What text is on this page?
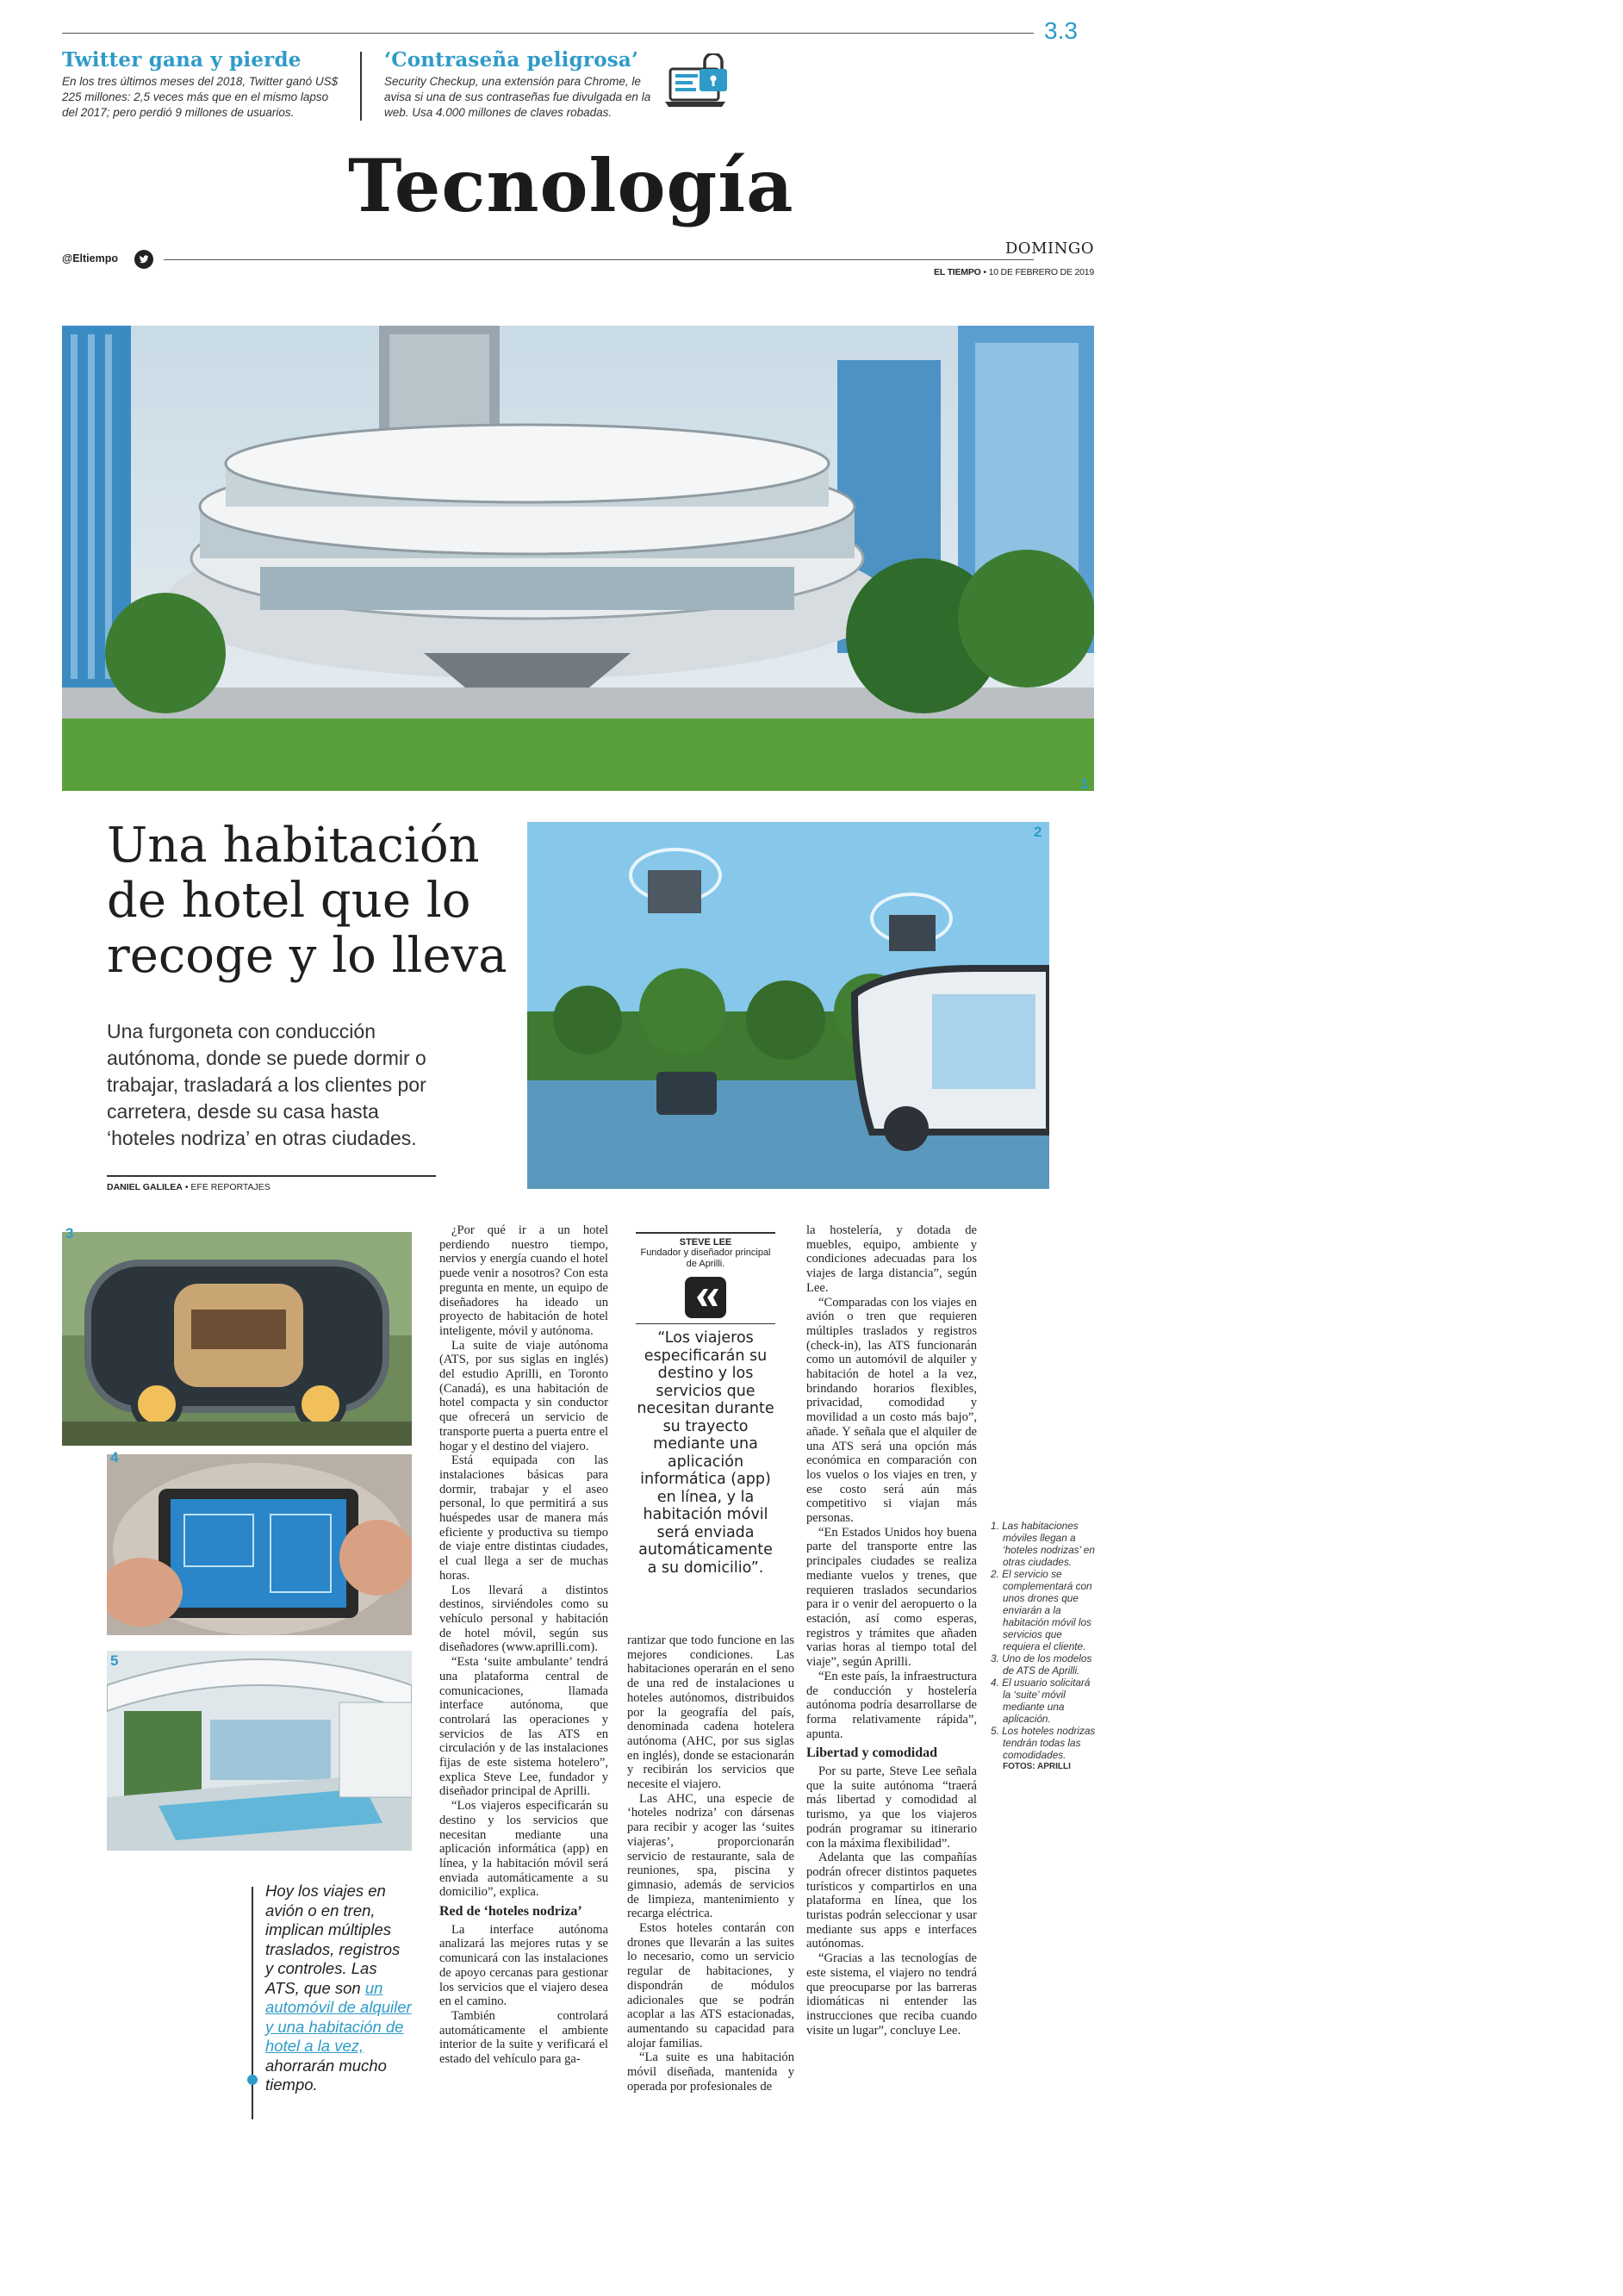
3.3
Twitter gana y pierde
En los tres últimos meses del 2018, Twitter ganó US$ 225 millones: 2,5 veces más que en el mismo lapso del 2017; pero perdió 9 millones de usuarios.
‘Contraseña peligrosa’
Security Checkup, una extensión para Chrome, le avisa si una de sus contraseñas fue divulgada en la web. Usa 4.000 millones de claves robadas.
Tecnología
@Eltiempo
DOMINGO
EL TIEMPO • 10 DE FEBRERO DE 2019
1
Una habitación de hotel que lo recoge y lo lleva
Una furgoneta con conducción autónoma, donde se puede dormir o trabajar, trasladará a los clientes por carretera, desde su casa hasta ‘hoteles nodriza’ en otras ciudades.
DANIEL GALILEA • EFE REPORTAJES
2
3
4
5
Hoy los viajes en avión o en tren, implican múltiples traslados, registros y controles. Las ATS, que son un automóvil de alquiler y una habitación de hotel a la vez, ahorrarán mucho tiempo.

¿Por qué ir a un hotel perdiendo nuestro tiempo, nervios y energía cuando el hotel puede venir a nosotros? Con esta pregunta en mente, un equipo de diseñadores ha ideado un proyecto de habitación de hotel inteligente, móvil y autónoma.

La suite de viaje autónoma (ATS, por sus siglas en inglés) del estudio Aprilli, en Toronto (Canadá), es una habitación de hotel compacta y sin conductor que ofrecerá un servicio de transporte puerta a puerta entre el hogar y el destino del viajero.

Está equipada con las instalaciones básicas para dormir, trabajar y el aseo personal, lo que permitirá a sus huéspedes usar de manera más eficiente y productiva su tiempo de viaje entre distintas ciudades, el cual llega a ser de muchas horas.

Los llevará a distintos destinos, sirviéndoles como su vehículo personal y habitación de hotel móvil, según sus diseñadores (www.aprilli.com).

“Esta ‘suite ambulante’ tendrá una plataforma central de comunicaciones, llamada interface autónoma, que controlará las operaciones y servicios de las ATS en circulación y de las instalaciones fijas de este sistema hotelero”, explica Steve Lee, fundador y diseñador principal de Aprilli.

“Los viajeros especificarán su destino y los servicios que necesitan mediante una aplicación informática (app) en línea, y la habitación móvil será enviada automáticamente a su domicilio”, explica.

Red de ‘hoteles nodriza’

La interface autónoma analizará las mejores rutas y se comunicará con las instalaciones de apoyo cercanas para gestionar los servicios que el viajero desea en el camino.

También controlará automáticamente el ambiente interior de la suite y verificará el estado del vehículo para ga-

STEVE LEE
Fundador y diseñador principal de Aprilli.
“Los viajeros especificarán su destino y los servicios que necesitan durante su trayecto mediante una aplicación informática (app) en línea, y la habitación móvil será enviada automáticamente a su domicilio”.

rantizar que todo funcione en las mejores condiciones. Las habitaciones operarán en el seno de una red de instalaciones u hoteles autónomos, distribuidos por la geografía del país, denominada cadena hotelera autónoma (AHC, por sus siglas en inglés), donde se estacionarán y recibirán los servicios que necesite el viajero.

Las AHC, una especie de ‘hoteles nodriza’ con dársenas para recibir y acoger las ‘suites viajeras’, proporcionarán servicio de restaurante, sala de reuniones, spa, piscina y gimnasio, además de servicios de limpieza, mantenimiento y recarga eléctrica.

Estos hoteles contarán con drones que llevarán a las suites lo necesario, como un servicio regular de habitaciones, y dispondrán de módulos adicionales que se podrán acoplar a las ATS estacionadas, aumentando su capacidad para alojar familias.

“La suite es una habitación móvil diseñada, mantenida y operada por profesionales de

la hostelería, y dotada de muebles, equipo, ambiente y condiciones adecuadas para los viajes de larga distancia”, según Lee.

“Comparadas con los viajes en avión o tren que requieren múltiples traslados y registros (check-in), las ATS funcionarán como un automóvil de alquiler y habitación de hotel a la vez, brindando horarios flexibles, privacidad, comodidad y movilidad a un costo más bajo”, añade. Y señala que el alquiler de una ATS será una opción más económica en comparación con los vuelos o los viajes en tren, y ese costo será aún más competitivo si viajan más personas.

“En Estados Unidos hoy buena parte del transporte entre las principales ciudades se realiza mediante vuelos y trenes, que requieren traslados secundarios para ir o venir del aeropuerto o la estación, así como esperas, registros y trámites que añaden varias horas al tiempo total del viaje”, según Aprilli.

“En este país, la infraestructura de conducción y hostelería autónoma podría desarrollarse de forma relativamente rápida”, apunta.

Libertad y comodidad

Por su parte, Steve Lee señala que la suite autónoma “traerá más libertad y comodidad al turismo, ya que los viajeros podrán programar su itinerario con la máxima flexibilidad”.

Adelanta que las compañías podrán ofrecer distintos paquetes turísticos y compartirlos en una plataforma en línea, que los turistas podrán seleccionar y usar mediante sus apps e interfaces autónomas.

“Gracias a las tecnologías de este sistema, el viajero no tendrá que preocuparse por las barreras idiomáticas ni entender las instrucciones que reciba cuando visite un lugar”, concluye Lee.

1. Las habitaciones móviles llegan a ‘hoteles nodrizas’ en otras ciudades.
2. El servicio se complementará con unos drones que enviarán a la habitación móvil los servicios que requiera el cliente.
3. Uno de los modelos de ATS de Aprilli.
4. El usuario solicitará la ‘suite’ móvil mediante una aplicación.
5. Los hoteles nodrizas tendrán todas las comodidades.
FOTOS: APRILLI
